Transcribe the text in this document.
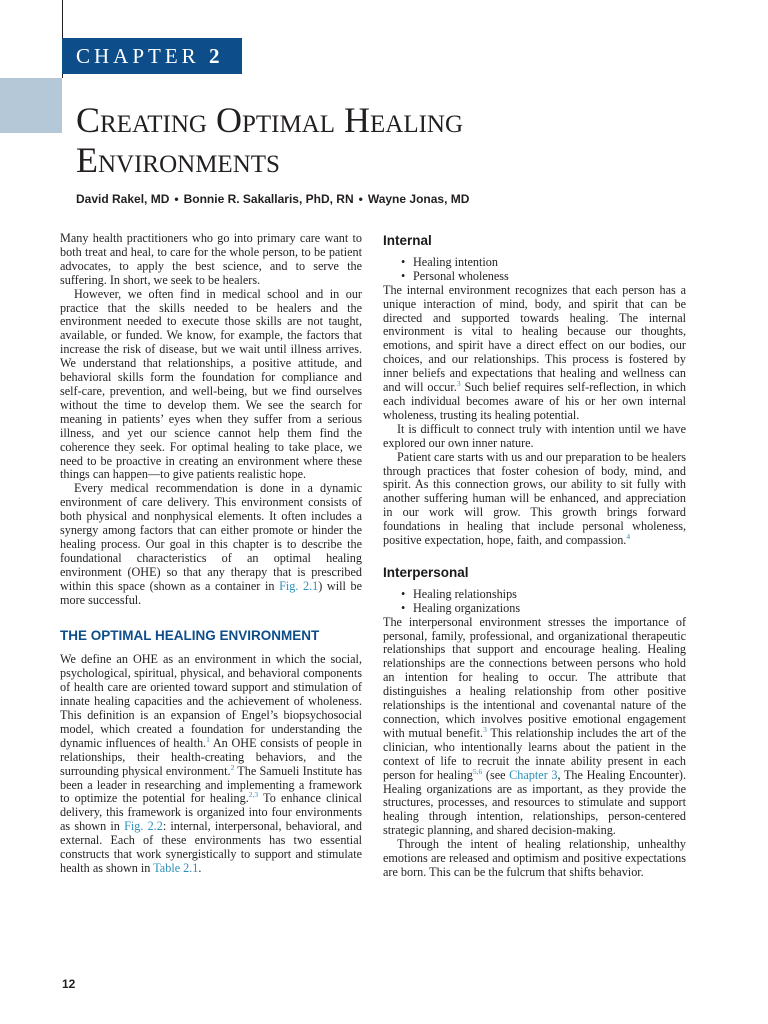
CHAPTER 2
Creating Optimal Healing
Environments
David Rakel, MD • Bonnie R. Sakallaris, PhD, RN • Wayne Jonas, MD

Many health practitioners who go into primary care want to both treat and heal, to care for the whole person, to be patient advocates, to apply the best science, and to serve the suffering. In short, we seek to be healers.

However, we often find in medical school and in our practice that the skills needed to be healers and the environment needed to execute those skills are not taught, available, or funded. We know, for example, the factors that increase the risk of disease, but we wait until illness arrives. We understand that relationships, a positive attitude, and behavioral skills form the foundation for compliance and self-care, prevention, and well-being, but we find ourselves without the time to develop them. We see the search for meaning in patients’ eyes when they suffer from a serious illness, and yet our science cannot help them find the coherence they seek. For optimal healing to take place, we need to be proactive in creating an environment where these things can happen—to give patients realistic hope.

Every medical recommendation is done in a dynamic environment of care delivery. This environment consists of both physical and nonphysical elements. It often includes a synergy among factors that can either promote or hinder the healing process. Our goal in this chapter is to describe the foundational characteristics of an optimal healing environment (OHE) so that any therapy that is prescribed within this space (shown as a container in Fig. 2.1) will be more successful.

THE OPTIMAL HEALING ENVIRONMENT

We define an OHE as an environment in which the social, psychological, spiritual, physical, and behavioral components of health care are oriented toward support and stimulation of innate healing capacities and the achievement of wholeness. This definition is an expansion of Engel’s biopsychosocial model, which created a foundation for understanding the dynamic influences of health.$^1$ An OHE consists of people in relationships, their health-creating behaviors, and the surrounding physical environment.$^2$ The Samueli Institute has been a leader in researching and implementing a framework to optimize the potential for healing.$^{2,3}$ To enhance clinical delivery, this framework is organized into four environments as shown in Fig. 2.2: internal, interpersonal, behavioral, and external. Each of these environments has two essential constructs that work synergistically to support and stimulate health as shown in Table 2.1.

Internal
• Healing intention
• Personal wholeness

The internal environment recognizes that each person has a unique interaction of mind, body, and spirit that can be directed and supported towards healing. The internal environment is vital to healing because our thoughts, emotions, and spirit have a direct effect on our bodies, our choices, and our relationships. This process is fostered by inner beliefs and expectations that healing and wellness can and will occur.$^3$ Such belief requires self-reflection, in which each individual becomes aware of his or her own internal wholeness, trusting its healing potential.

It is difficult to connect truly with intention until we have explored our own inner nature.

Patient care starts with us and our preparation to be healers through practices that foster cohesion of body, mind, and spirit. As this connection grows, our ability to sit fully with another suffering human will be enhanced, and appreciation in our work will grow. This growth brings forward foundations in healing that include personal wholeness, positive expectation, hope, faith, and compassion.$^4$

Interpersonal
• Healing relationships
• Healing organizations

The interpersonal environment stresses the importance of personal, family, professional, and organizational therapeutic relationships that support and encourage healing. Healing relationships are the connections between persons who hold an intention for healing to occur. The attribute that distinguishes a healing relationship from other positive relationships is the intentional and covenantal nature of the connection, which involves positive emotional engagement with mutual benefit.$^3$ This relationship includes the art of the clinician, who intentionally learns about the patient in the context of life to recruit the innate ability present in each person for healing$^{5,6}$ (see Chapter 3, The Healing Encounter). Healing organizations are as important, as they provide the structures, processes, and resources to stimulate and support healing through intention, relationships, person-centered strategic planning, and shared decision-making.

Through the intent of healing relationship, unhealthy emotions are released and optimism and positive expectations are born. This can be the fulcrum that shifts behavior.

12
